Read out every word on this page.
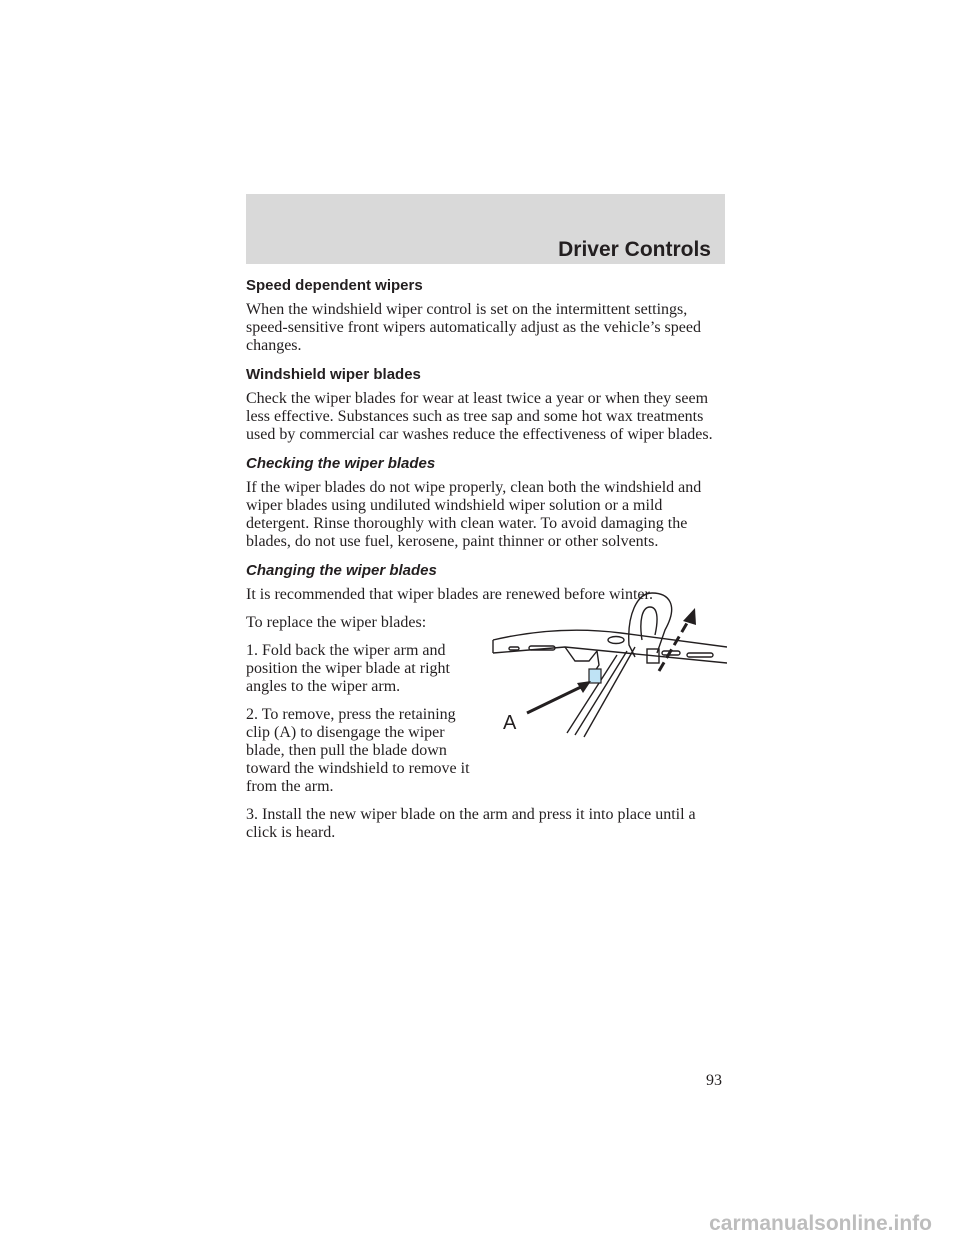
Driver Controls
Speed dependent wipers

When the windshield wiper control is set on the intermittent settings, speed-sensitive front wipers automatically adjust as the vehicle’s speed changes.

Windshield wiper blades

Check the wiper blades for wear at least twice a year or when they seem less effective. Substances such as tree sap and some hot wax treatments used by commercial car washes reduce the effectiveness of wiper blades.

Checking the wiper blades

If the wiper blades do not wipe properly, clean both the windshield and wiper blades using undiluted windshield wiper solution or a mild detergent. Rinse thoroughly with clean water. To avoid damaging the blades, do not use fuel, kerosene, paint thinner or other solvents.

Changing the wiper blades

It is recommended that wiper blades are renewed before winter.

To replace the wiper blades:

1. Fold back the wiper arm and position the wiper blade at right angles to the wiper arm.

2. To remove, press the retaining clip (A) to disengage the wiper blade, then pull the blade down toward the windshield to remove it from the arm.

3. Install the new wiper blade on the arm and press it into place until a click is heard.

A
93
carmanualsonline.info
